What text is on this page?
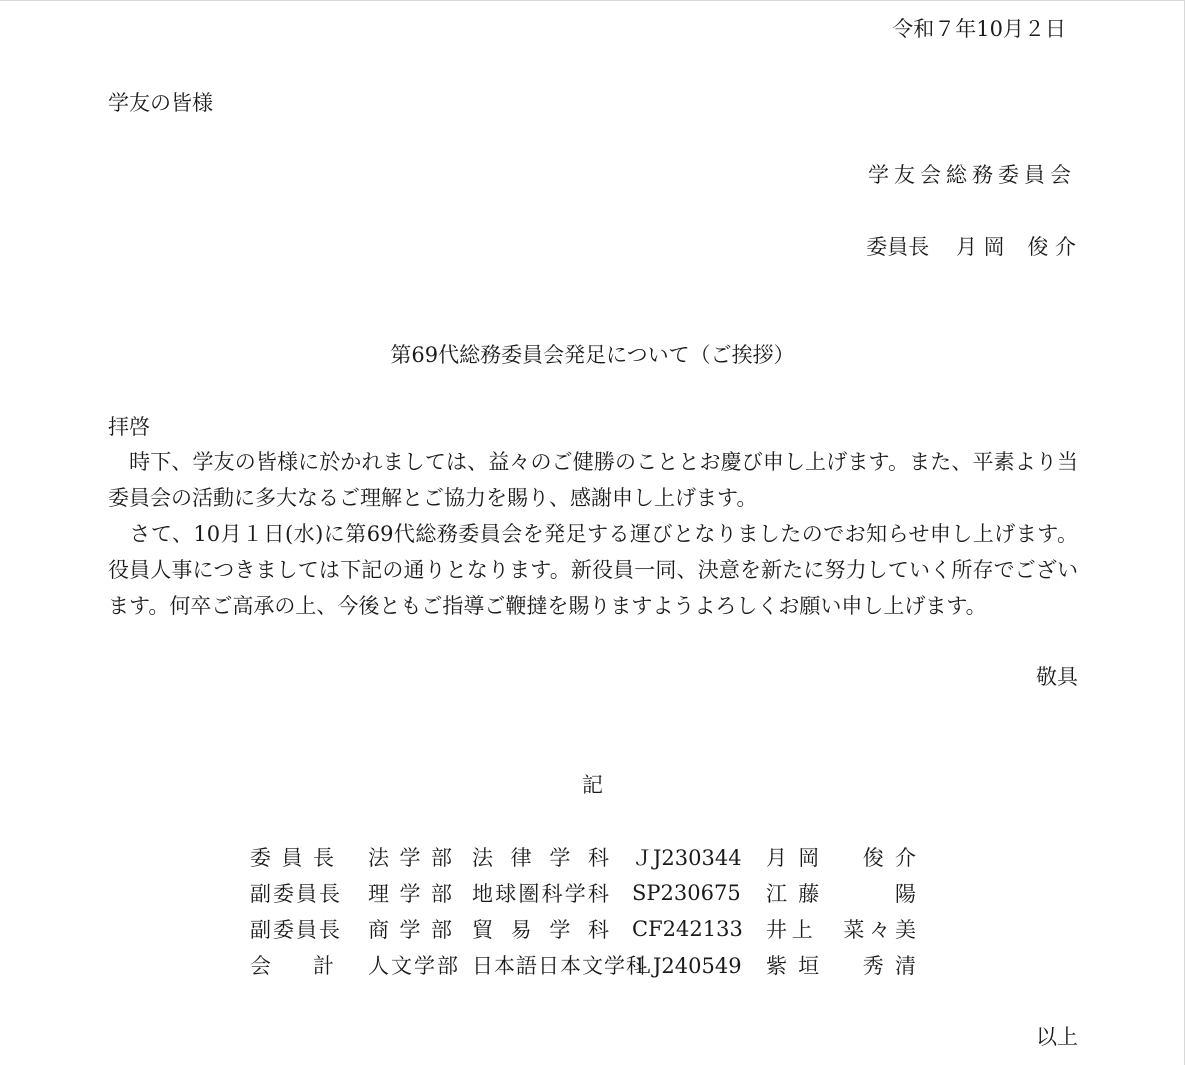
令和７年10月２日
学友の皆様
学友会総務委員会
委員長 月 岡 俊 介
第69代総務委員会発足について（ご挨拶）
拝啓

　時下、学友の皆様に於かれましては、益々のご健勝のこととお慶び申し上げます。また、平素より当委員会の活動に多大なるご理解とご協力を賜り、感謝申し上げます。

　さて、10月１日(水)に第69代総務委員会を発足する運びとなりましたのでお知らせ申し上げます。役員人事につきましては下記の通りとなります。新役員一同、決意を新たに努力していく所存でございます。何卒ご高承の上、今後ともご指導ご鞭撻を賜りますようよろしくお願い申し上げます。

敬具
記
委員長	法学部	法律学科	ＪJ230344	月岡　俊介
副委員長	理学部	地球圏科学科	SP230675	江藤　　陽
副委員長	商学部	貿易学科	CF242133	井上　菜々美
会計	人文学部	日本語日本文学科	ＬJ240549	紫垣　秀清
以上
